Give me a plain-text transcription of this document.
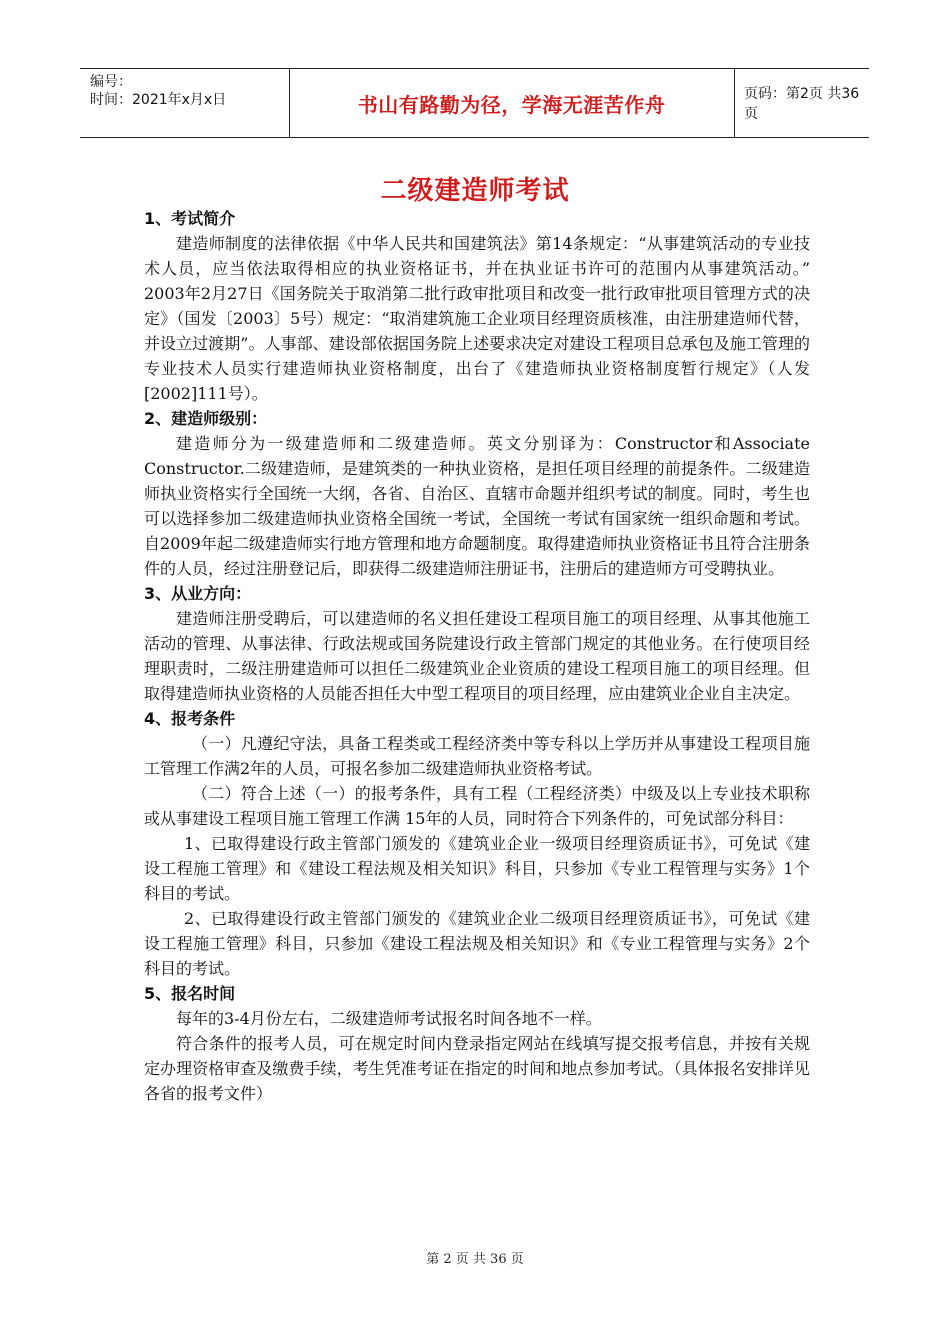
编号：
时间：2021年x月x日	书山有路勤为径，学海无涯苦作舟	页码：第2页 共36页
二级建造师考试

1、考试简介

建造师制度的法律依据《中华人民共和国建筑法》第14条规定：“从事建筑活动的专业技术人员，应当依法取得相应的执业资格证书，并在执业证书许可的范围内从事建筑活动。” 2003年2月27日《国务院关于取消第二批行政审批项目和改变一批行政审批项目管理方式的决定》（国发〔2003〕5号）规定：“取消建筑施工企业项目经理资质核准，由注册建造师代替，并设立过渡期”。人事部、建设部依据国务院上述要求决定对建设工程项目总承包及施工管理的专业技术人员实行建造师执业资格制度，出台了《建造师执业资格制度暂行规定》（人发[2002]111号）。

2、建造师级别：

建造师分为一级建造师和二级建造师。英文分别译为：Constructor和Associate Constructor.二级建造师，是建筑类的一种执业资格，是担任项目经理的前提条件。二级建造师执业资格实行全国统一大纲，各省、自治区、直辖市命题并组织考试的制度。同时，考生也可以选择参加二级建造师执业资格全国统一考试，全国统一考试有国家统一组织命题和考试。自2009年起二级建造师实行地方管理和地方命题制度。取得建造师执业资格证书且符合注册条件的人员，经过注册登记后，即获得二级建造师注册证书，注册后的建造师方可受聘执业。

3、从业方向：

建造师注册受聘后，可以建造师的名义担任建设工程项目施工的项目经理、从事其他施工活动的管理、从事法律、行政法规或国务院建设行政主管部门规定的其他业务。在行使项目经理职责时，二级注册建造师可以担任二级建筑业企业资质的建设工程项目施工的项目经理。但取得建造师执业资格的人员能否担任大中型工程项目的项目经理，应由建筑业企业自主决定。

4、报考条件

（一）凡遵纪守法，具备工程类或工程经济类中等专科以上学历并从事建设工程项目施工管理工作满2年的人员，可报名参加二级建造师执业资格考试。

（二）符合上述（一）的报考条件，具有工程（工程经济类）中级及以上专业技术职称或从事建设工程项目施工管理工作满 15年的人员，同时符合下列条件的，可免试部分科目：

1、已取得建设行政主管部门颁发的《建筑业企业一级项目经理资质证书》，可免试《建设工程施工管理》和《建设工程法规及相关知识》科目，只参加《专业工程管理与实务》1个科目的考试。

2、已取得建设行政主管部门颁发的《建筑业企业二级项目经理资质证书》，可免试《建设工程施工管理》科目，只参加《建设工程法规及相关知识》和《专业工程管理与实务》2个科目的考试。

5、报名时间

每年的3-4月份左右，二级建造师考试报名时间各地不一样。

符合条件的报考人员，可在规定时间内登录指定网站在线填写提交报考信息，并按有关规定办理资格审查及缴费手续，考生凭准考证在指定的时间和地点参加考试。（具体报名安排详见各省的报考文件）

第 2 页 共 36 页
